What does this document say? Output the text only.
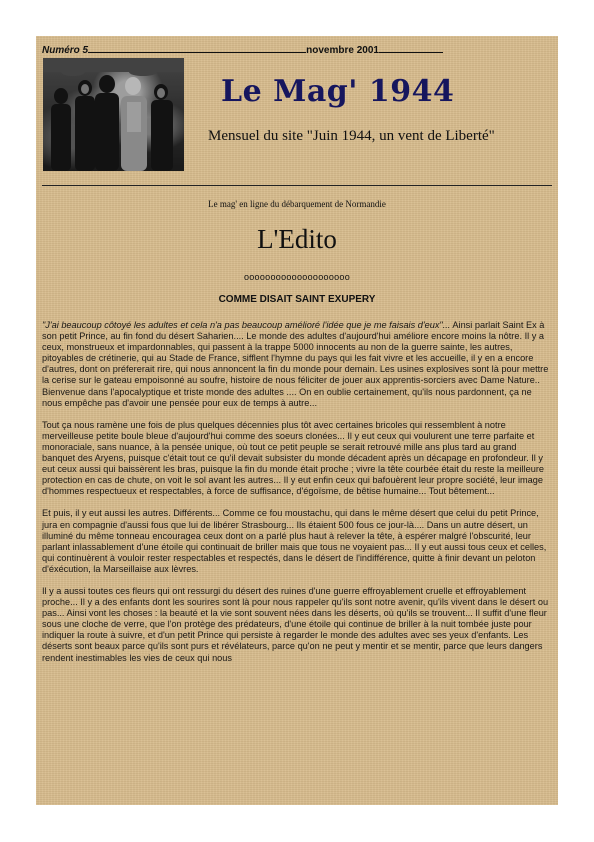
Numéro 5	novembre 2001
Le Mag' 1944
Mensuel du site "Juin 1944, un vent de Liberté"
Le mag' en ligne du débarquement de Normandie
L'Edito
oooooooooooooooooooo
COMME DISAIT SAINT EXUPERY

"J'ai beaucoup côtoyé les adultes et cela n'a pas beaucoup amélioré l'idée que je me faisais d'eux"... Ainsi parlait Saint Ex à son petit Prince, au fin fond du désert Saharien.... Le monde des adultes d'aujourd'hui améliore encore moins la nôtre. Il y a ceux, monstrueux et impardonnables, qui passent à la trappe 5000 innocents au non de la guerre sainte, les autres, pitoyables de crétinerie, qui au Stade de France, sifflent l'hymne du pays qui les fait vivre et les accueille, il y en a encore d'autres, dont on préfererait rire, qui nous annoncent la fin du monde pour demain. Les usines explosives sont là pour mettre la cerise sur le gateau empoisonné au soufre, histoire de nous féliciter de jouer aux apprentis-sorciers avec Dame Nature.. Bienvenue dans l'apocalyptique et triste monde des adultes .... On en oublie certainement, qu'ils nous pardonnent, ça ne nous empêche pas d'avoir une pensée pour eux de temps à autre...

Tout ça nous ramène une fois de plus quelques décennies plus tôt avec certaines bricoles qui ressemblent à notre merveilleuse petite boule bleue d'aujourd'hui comme des soeurs clonées... Il y eut ceux qui voulurent une terre parfaite et monoraciale, sans nuance, à la pensée unique, où tout ce petit peuple se serait retrouvé mille ans plus tard au grand banquet des Aryens, puisque c'était tout ce qu'il devait subsister du monde décadent après un décapage en profondeur. Il y eut ceux aussi qui baissèrent les bras, puisque la fin du monde était proche ; vivre la tête courbée était du reste la meilleure protection en cas de chute, on voit le sol avant les autres... Il y eut enfin ceux qui bafouèrent leur propre société, leur image d'hommes respectueux et respectables, à force de suffisance, d'égoïsme, de bêtise humaine... Tout bêtement...

Et puis, il y eut aussi les autres. Différents... Comme ce fou moustachu, qui dans le même désert que celui du petit Prince, jura en compagnie d'aussi fous que lui de libérer Strasbourg... Ils étaient 500 fous ce jour-là.... Dans un autre désert, un illuminé du même tonneau encouragea ceux dont on a parlé plus haut à relever la tête, à espérer malgré l'obscurité, leur parlant inlassablement d'une étoile qui continuait de briller mais que tous ne voyaient pas... Il y eut aussi tous ceux et celles, qui continuèrent à vouloir rester respectables et respectés, dans le désert de l'indifférence, quitte à finir devant un peloton d'éxécution, la Marseillaise aux lèvres.

Il y a aussi toutes ces fleurs qui ont ressurgi du désert des ruines d'une guerre effroyablement cruelle et effroyablement proche... Il y a des enfants dont les sourires sont là pour nous rappeler qu'ils sont notre avenir, qu'ils vivent dans le désert ou pas... Ainsi vont les choses : la beauté et la vie sont souvent nées dans les déserts, où qu'ils se trouvent... Il suffit d'une fleur sous une cloche de verre, que l'on protège des prédateurs, d'une étoile qui continue de briller à la nuit tombée juste pour indiquer la route à suivre, et d'un petit Prince qui persiste à regarder le monde des adultes avec ses yeux d'enfants. Les déserts sont beaux parce qu'ils sont purs et révélateurs, parce qu'on ne peut y mentir et se mentir, parce que leurs dangers rendent inestimables les vies de ceux qui nous
